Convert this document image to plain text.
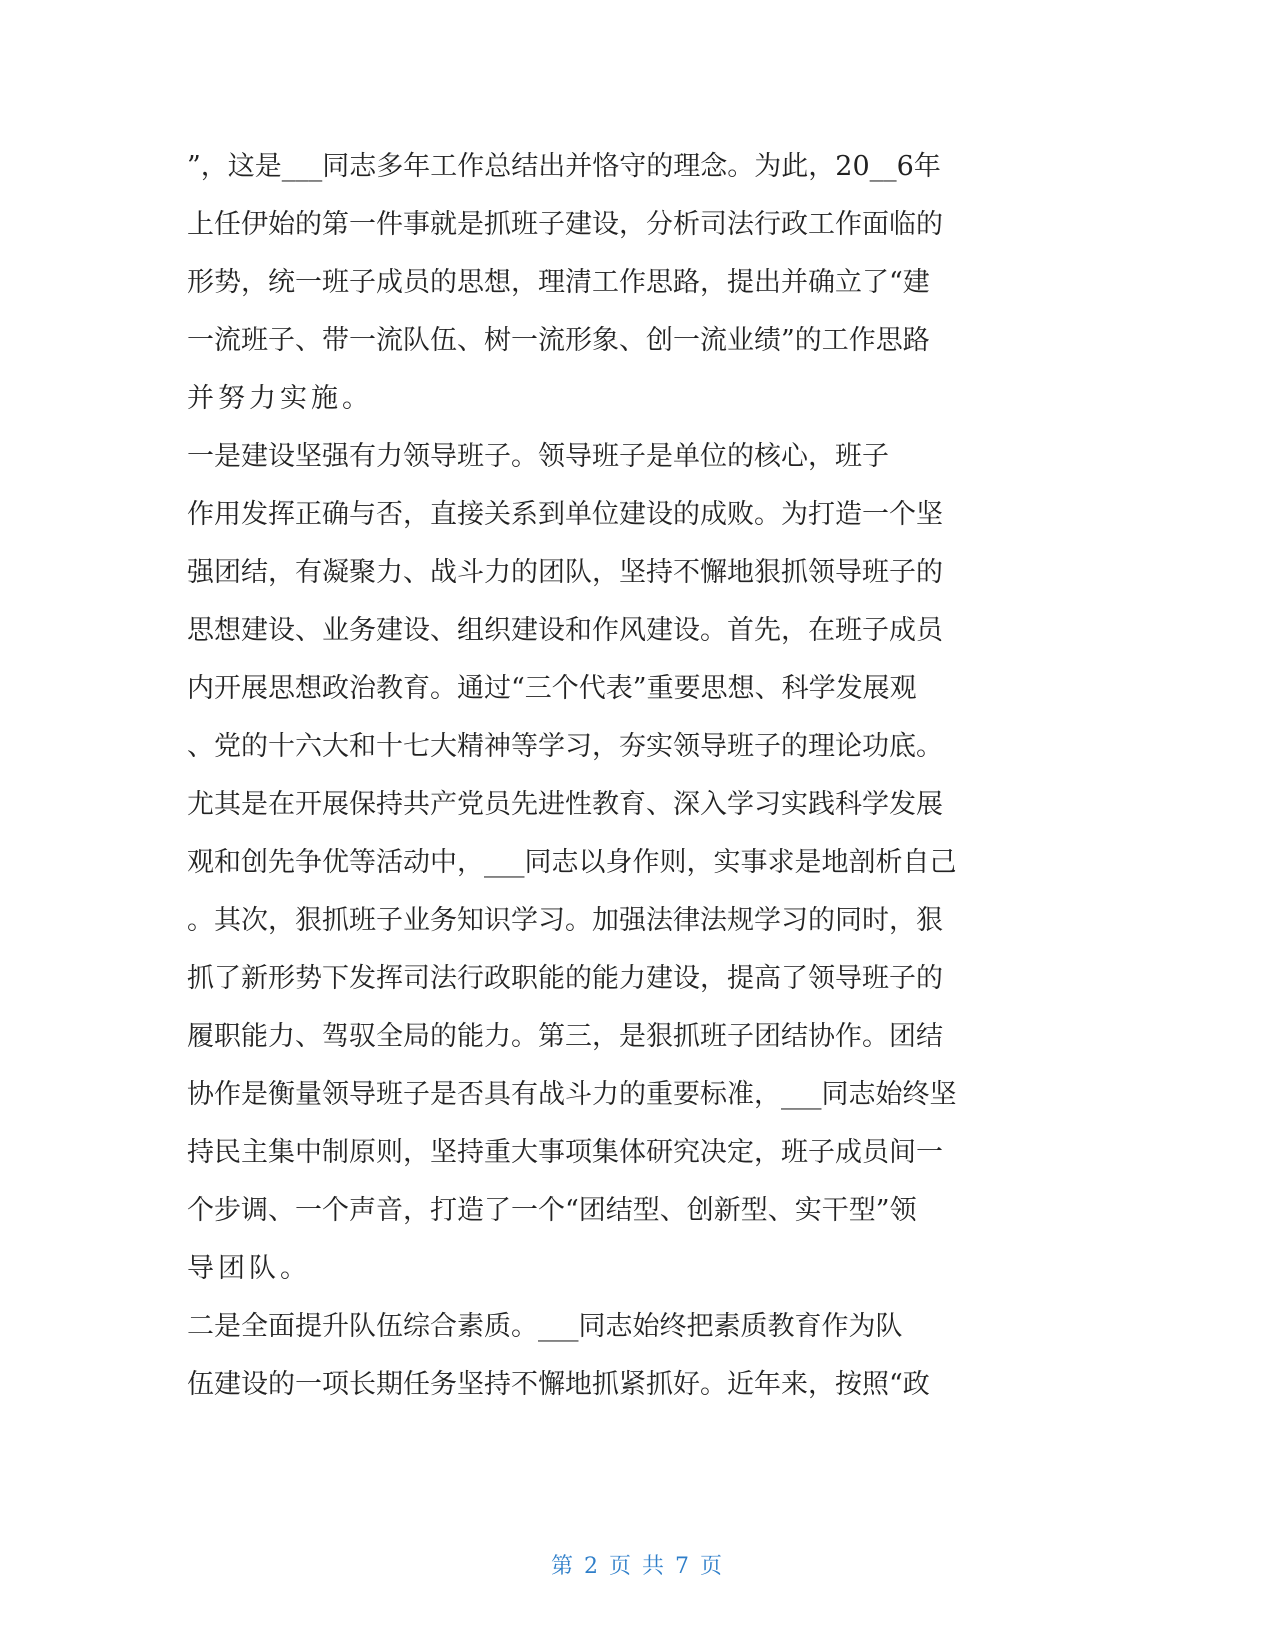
”，这是___同志多年工作总结出并恪守的理念。为此，20__6年

上任伊始的第一件事就是抓班子建设，分析司法行政工作面临的

形势，统一班子成员的思想，理清工作思路，提出并确立了“建

一流班子、带一流队伍、树一流形象、创一流业绩”的工作思路

并努力实施。

一是建设坚强有力领导班子。领导班子是单位的核心，班子

作用发挥正确与否，直接关系到单位建设的成败。为打造一个坚

强团结，有凝聚力、战斗力的团队，坚持不懈地狠抓领导班子的

思想建设、业务建设、组织建设和作风建设。首先，在班子成员

内开展思想政治教育。通过“三个代表”重要思想、科学发展观

、党的十六大和十七大精神等学习，夯实领导班子的理论功底。

尤其是在开展保持共产党员先进性教育、深入学习实践科学发展

观和创先争优等活动中，___同志以身作则，实事求是地剖析自己

。其次，狠抓班子业务知识学习。加强法律法规学习的同时，狠

抓了新形势下发挥司法行政职能的能力建设，提高了领导班子的

履职能力、驾驭全局的能力。第三，是狠抓班子团结协作。团结

协作是衡量领导班子是否具有战斗力的重要标准，___同志始终坚

持民主集中制原则，坚持重大事项集体研究决定，班子成员间一

个步调、一个声音，打造了一个“团结型、创新型、实干型”领

导团队。

二是全面提升队伍综合素质。___同志始终把素质教育作为队

伍建设的一项长期任务坚持不懈地抓紧抓好。近年来，按照“政

第 2 页 共 7 页
